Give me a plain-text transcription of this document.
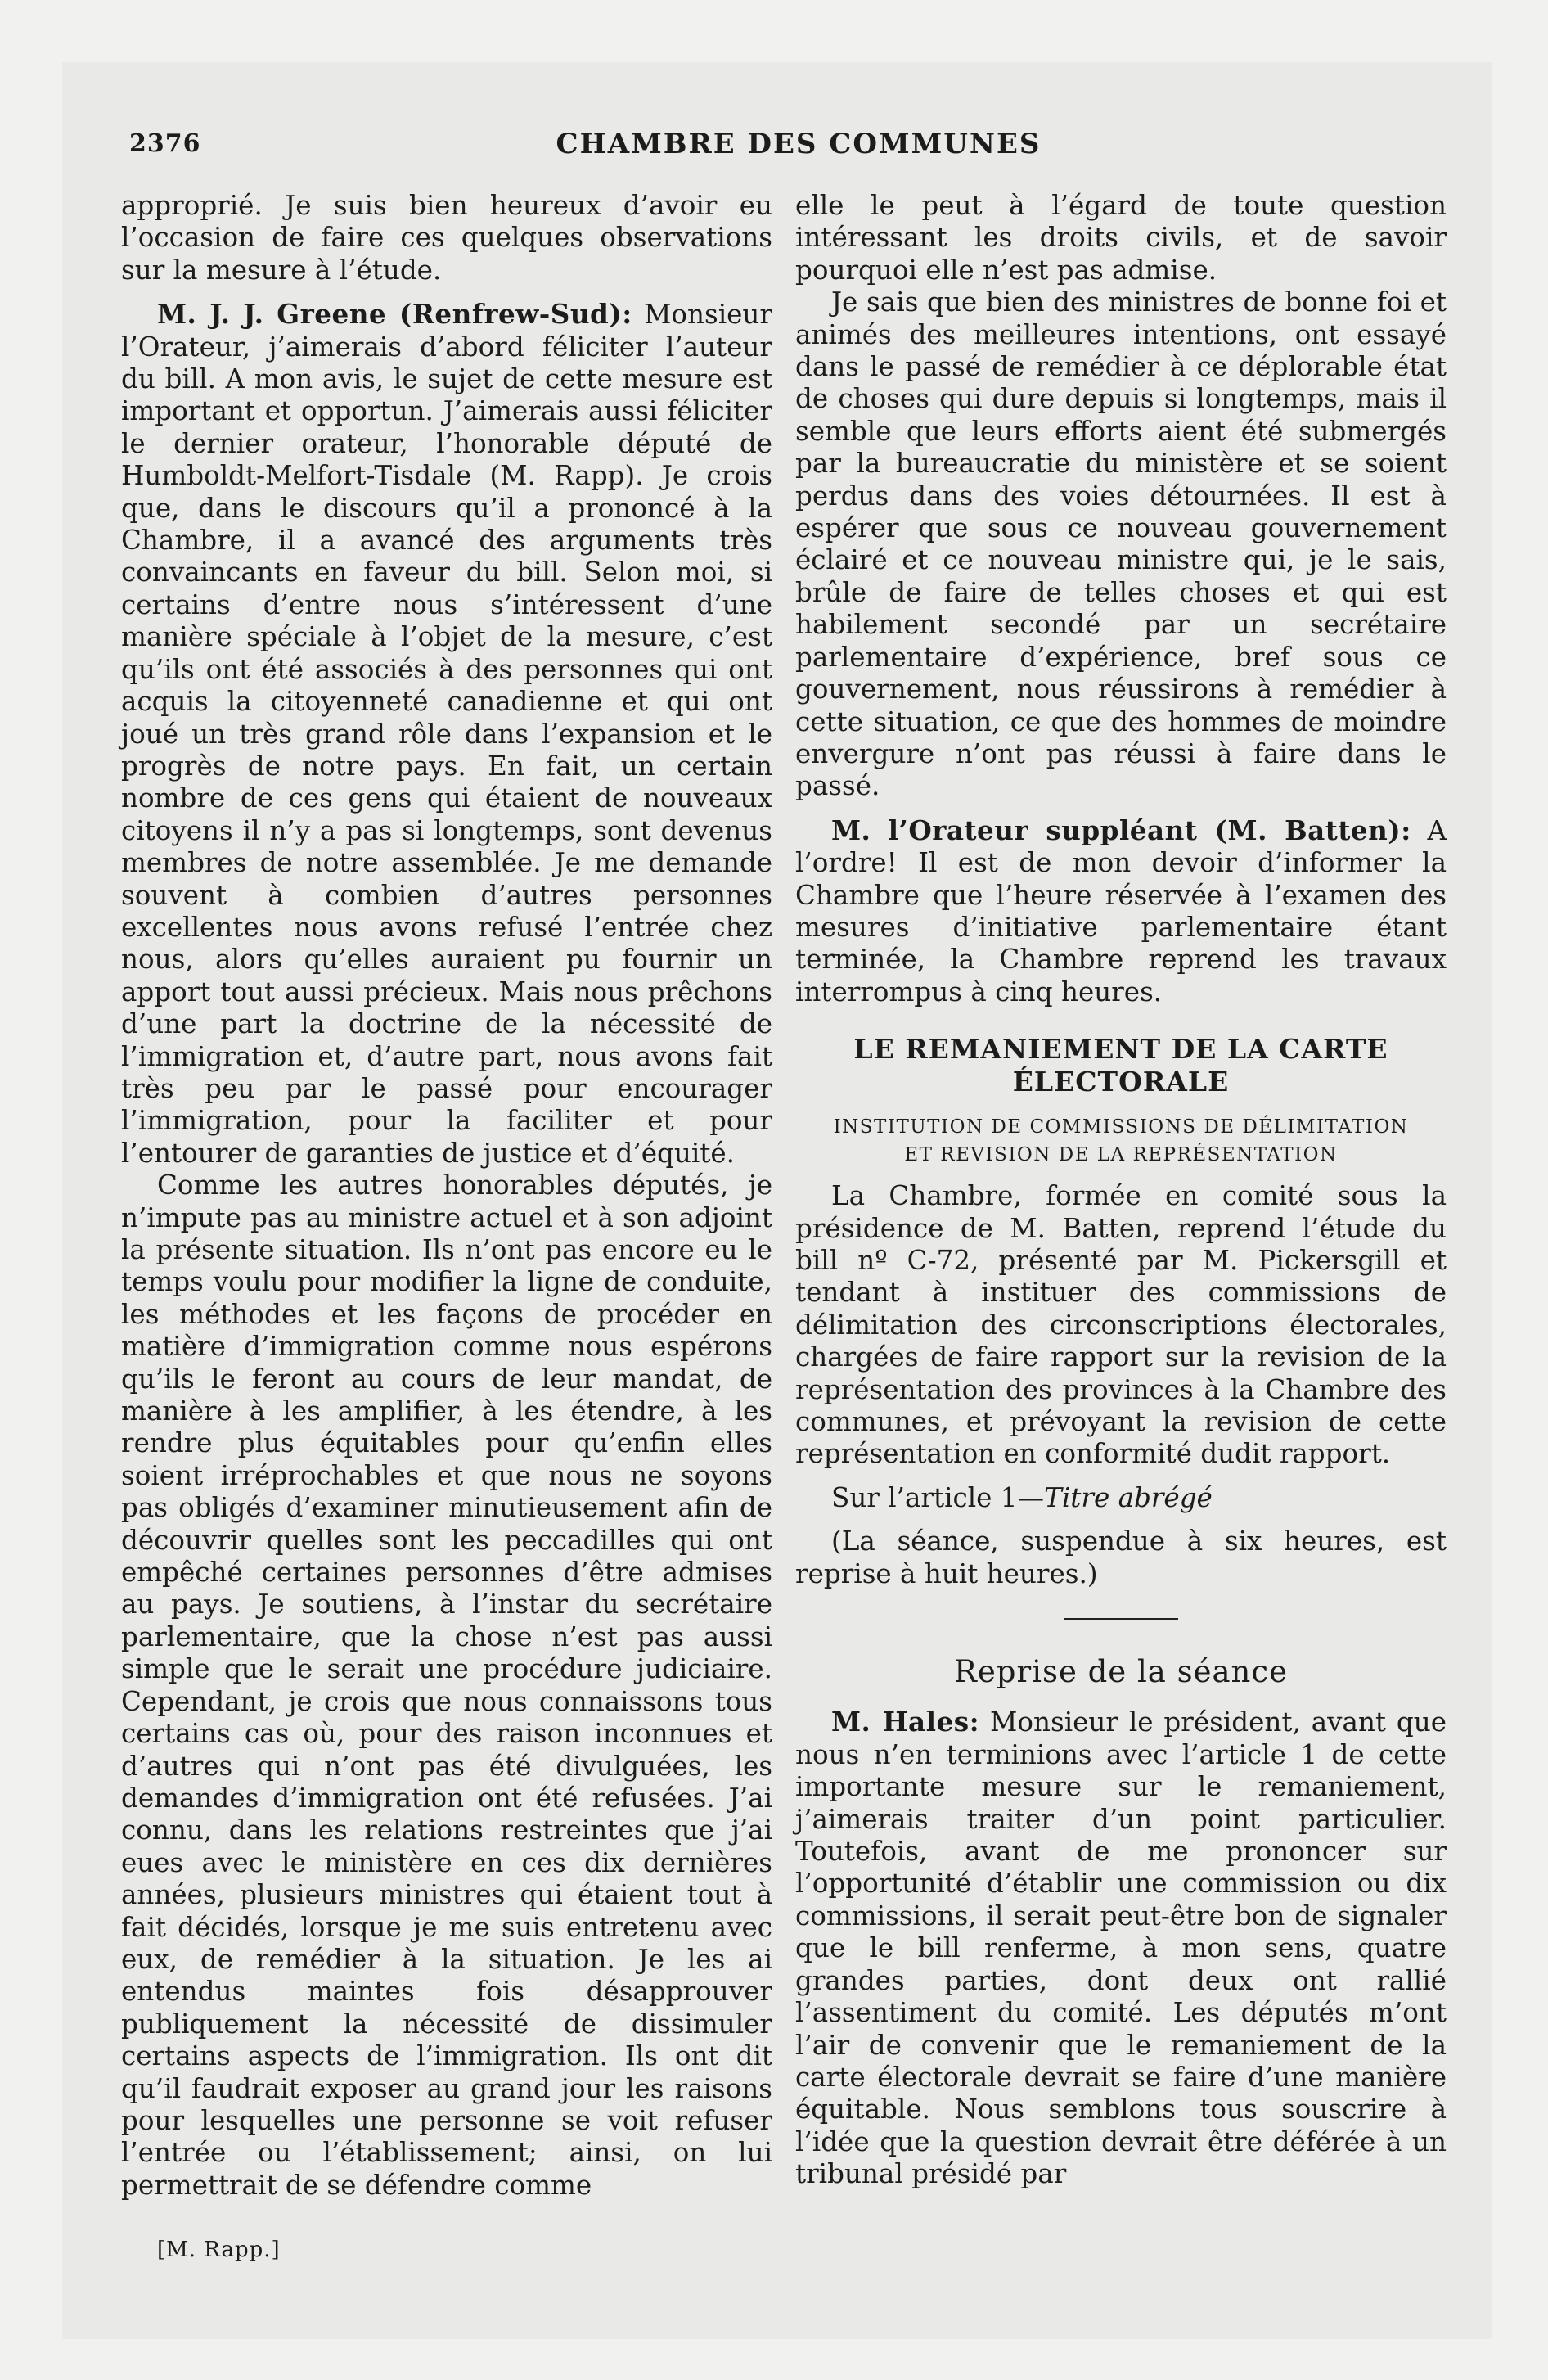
2376	CHAMBRE DES COMMUNES

approprié. Je suis bien heureux d’avoir eu l’occasion de faire ces quelques observations sur la mesure à l’étude.

M. J. J. Greene (Renfrew-Sud): Monsieur l’Orateur, j’aimerais d’abord féliciter l’auteur du bill. A mon avis, le sujet de cette mesure est important et opportun. J’aimerais aussi féliciter le dernier orateur, l’honorable député de Humboldt-Melfort-Tisdale (M. Rapp). Je crois que, dans le discours qu’il a prononcé à la Chambre, il a avancé des arguments très convaincants en faveur du bill. Selon moi, si certains d’entre nous s’intéressent d’une manière spéciale à l’objet de la mesure, c’est qu’ils ont été associés à des personnes qui ont acquis la citoyenneté canadienne et qui ont joué un très grand rôle dans l’expansion et le progrès de notre pays. En fait, un certain nombre de ces gens qui étaient de nouveaux citoyens il n’y a pas si longtemps, sont devenus membres de notre assemblée. Je me demande souvent à combien d’autres personnes excellentes nous avons refusé l’entrée chez nous, alors qu’elles auraient pu fournir un apport tout aussi précieux. Mais nous prêchons d’une part la doctrine de la nécessité de l’immigration et, d’autre part, nous avons fait très peu par le passé pour encourager l’immigration, pour la faciliter et pour l’entourer de garanties de justice et d’équité.

Comme les autres honorables députés, je n’impute pas au ministre actuel et à son adjoint la présente situation. Ils n’ont pas encore eu le temps voulu pour modifier la ligne de conduite, les méthodes et les façons de procéder en matière d’immigration comme nous espérons qu’ils le feront au cours de leur mandat, de manière à les amplifier, à les étendre, à les rendre plus équitables pour qu’enfin elles soient irréprochables et que nous ne soyons pas obligés d’examiner minutieusement afin de découvrir quelles sont les peccadilles qui ont empêché certaines personnes d’être admises au pays. Je soutiens, à l’instar du secrétaire parlementaire, que la chose n’est pas aussi simple que le serait une procédure judiciaire. Cependant, je crois que nous connaissons tous certains cas où, pour des raison inconnues et d’autres qui n’ont pas été divulguées, les demandes d’immigration ont été refusées. J’ai connu, dans les relations restreintes que j’ai eues avec le ministère en ces dix dernières années, plusieurs ministres qui étaient tout à fait décidés, lorsque je me suis entretenu avec eux, de remédier à la situation. Je les ai entendus maintes fois désapprouver publiquement la nécessité de dissimuler certains aspects de l’immigration. Ils ont dit qu’il faudrait exposer au grand jour les raisons pour lesquelles une personne se voit refuser l’entrée ou l’établissement; ainsi, on lui permettrait de se défendre comme

[M. Rapp.]

elle le peut à l’égard de toute question intéressant les droits civils, et de savoir pourquoi elle n’est pas admise.

Je sais que bien des ministres de bonne foi et animés des meilleures intentions, ont essayé dans le passé de remédier à ce déplorable état de choses qui dure depuis si longtemps, mais il semble que leurs efforts aient été submergés par la bureaucratie du ministère et se soient perdus dans des voies détournées. Il est à espérer que sous ce nouveau gouvernement éclairé et ce nouveau ministre qui, je le sais, brûle de faire de telles choses et qui est habilement secondé par un secrétaire parlementaire d’expérience, bref sous ce gouvernement, nous réussirons à remédier à cette situation, ce que des hommes de moindre envergure n’ont pas réussi à faire dans le passé.

M. l’Orateur suppléant (M. Batten): A l’ordre! Il est de mon devoir d’informer la Chambre que l’heure réservée à l’examen des mesures d’initiative parlementaire étant terminée, la Chambre reprend les travaux interrompus à cinq heures.

LE REMANIEMENT DE LA CARTE
ÉLECTORALE
INSTITUTION DE COMMISSIONS DE DÉLIMITATION
ET REVISION DE LA REPRÉSENTATION

La Chambre, formée en comité sous la présidence de M. Batten, reprend l’étude du bill nº C-72, présenté par M. Pickersgill et tendant à instituer des commissions de délimitation des circonscriptions électorales, chargées de faire rapport sur la revision de la représentation des provinces à la Chambre des communes, et prévoyant la revision de cette représentation en conformité dudit rapport.

Sur l’article 1—Titre abrégé

(La séance, suspendue à six heures, est reprise à huit heures.)

Reprise de la séance

M. Hales: Monsieur le président, avant que nous n’en terminions avec l’article 1 de cette importante mesure sur le remaniement, j’aimerais traiter d’un point particulier. Toutefois, avant de me prononcer sur l’opportunité d’établir une commission ou dix commissions, il serait peut-être bon de signaler que le bill renferme, à mon sens, quatre grandes parties, dont deux ont rallié l’assentiment du comité. Les députés m’ont l’air de convenir que le remaniement de la carte électorale devrait se faire d’une manière équitable. Nous semblons tous souscrire à l’idée que la question devrait être déférée à un tribunal présidé par
